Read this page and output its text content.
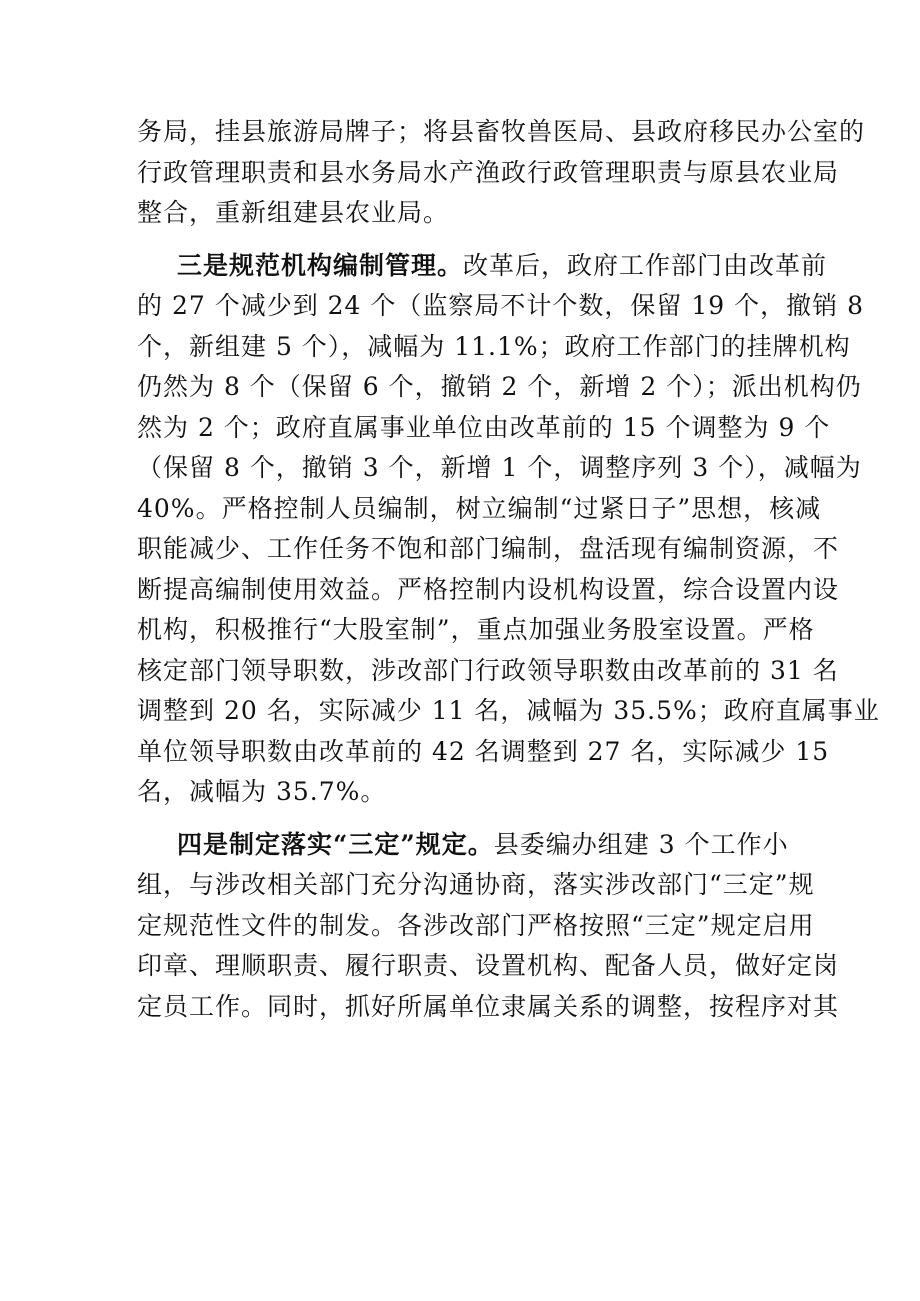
务局，挂县旅游局牌子；将县畜牧兽医局、县政府移民办公室的
行政管理职责和县水务局水产渔政行政管理职责与原县农业局
整合，重新组建县农业局。
三是规范机构编制管理。改革后，政府工作部门由改革前
的 27 个减少到 24 个（监察局不计个数，保留 19 个，撤销 8
个，新组建 5 个），减幅为 11.1%；政府工作部门的挂牌机构
仍然为 8 个（保留 6 个，撤销 2 个，新增 2 个）；派出机构仍
然为 2 个；政府直属事业单位由改革前的 15 个调整为 9 个
（保留 8 个，撤销 3 个，新增 1 个，调整序列 3 个），减幅为
40%。严格控制人员编制，树立编制“过紧日子”思想，核减
职能减少、工作任务不饱和部门编制，盘活现有编制资源，不
断提高编制使用效益。严格控制内设机构设置，综合设置内设
机构，积极推行“大股室制”，重点加强业务股室设置。严格
核定部门领导职数，涉改部门行政领导职数由改革前的 31 名
调整到 20 名，实际减少 11 名，减幅为 35.5%；政府直属事业
单位领导职数由改革前的 42 名调整到 27 名，实际减少 15
名，减幅为 35.7%。
四是制定落实“三定”规定。县委编办组建 3 个工作小
组，与涉改相关部门充分沟通协商，落实涉改部门“三定”规
定规范性文件的制发。各涉改部门严格按照“三定”规定启用
印章、理顺职责、履行职责、设置机构、配备人员，做好定岗
定员工作。同时，抓好所属单位隶属关系的调整，按程序对其
